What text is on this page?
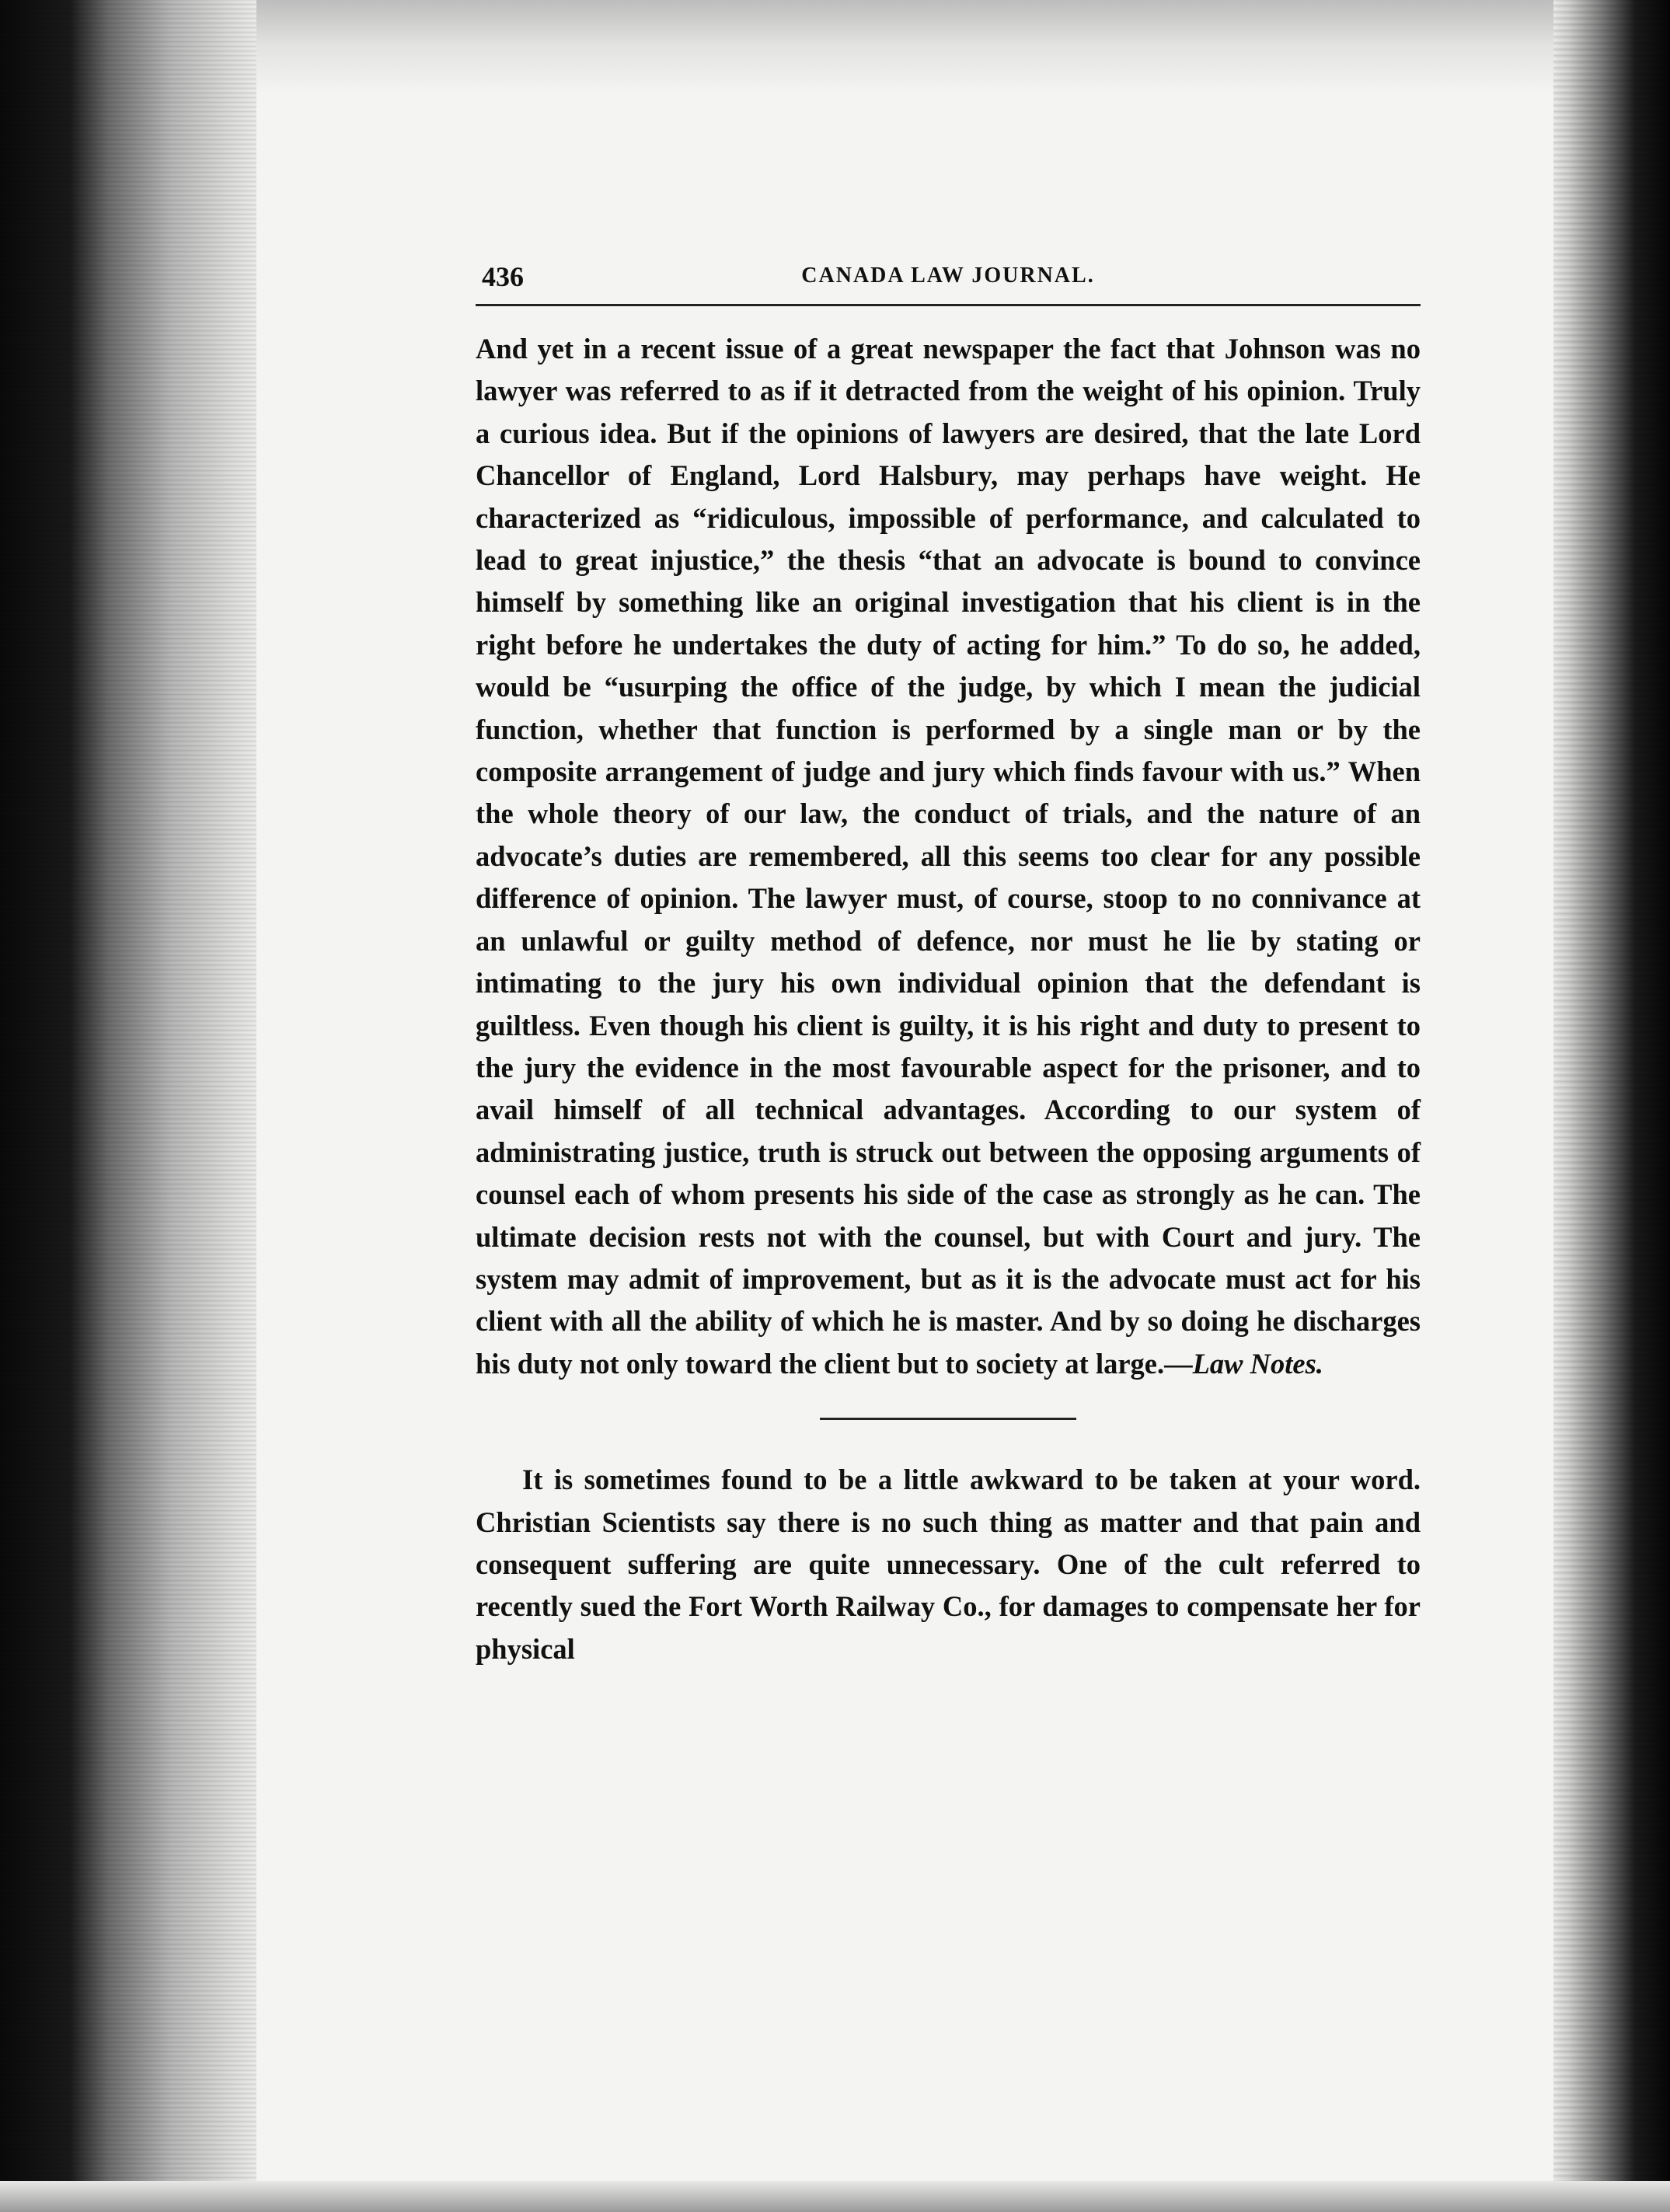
436	CANADA LAW JOURNAL.

And yet in a recent issue of a great newspaper the fact that Johnson was no lawyer was referred to as if it detracted from the weight of his opinion. Truly a curious idea. But if the opinions of lawyers are desired, that the late Lord Chancellor of England, Lord Halsbury, may perhaps have weight. He characterized as “ridiculous, impossible of performance, and calculated to lead to great injustice,” the thesis “that an advocate is bound to convince himself by something like an original investigation that his client is in the right before he undertakes the duty of acting for him.” To do so, he added, would be “usurping the office of the judge, by which I mean the judicial function, whether that function is performed by a single man or by the composite arrangement of judge and jury which finds favour with us.” When the whole theory of our law, the conduct of trials, and the nature of an advocate’s duties are remembered, all this seems too clear for any possible difference of opinion. The lawyer must, of course, stoop to no connivance at an unlawful or guilty method of defence, nor must he lie by stating or intimating to the jury his own individual opinion that the defendant is guiltless. Even though his client is guilty, it is his right and duty to present to the jury the evidence in the most favourable aspect for the prisoner, and to avail himself of all technical advantages. According to our system of administrating justice, truth is struck out between the opposing arguments of counsel each of whom presents his side of the case as strongly as he can. The ultimate decision rests not with the counsel, but with Court and jury. The system may admit of improvement, but as it is the advocate must act for his client with all the ability of which he is master. And by so doing he discharges his duty not only toward the client but to society at large.—Law Notes.

It is sometimes found to be a little awkward to be taken at your word. Christian Scientists say there is no such thing as matter and that pain and consequent suffering are quite unnecessary. One of the cult referred to recently sued the Fort Worth Railway Co., for damages to compensate her for physical
